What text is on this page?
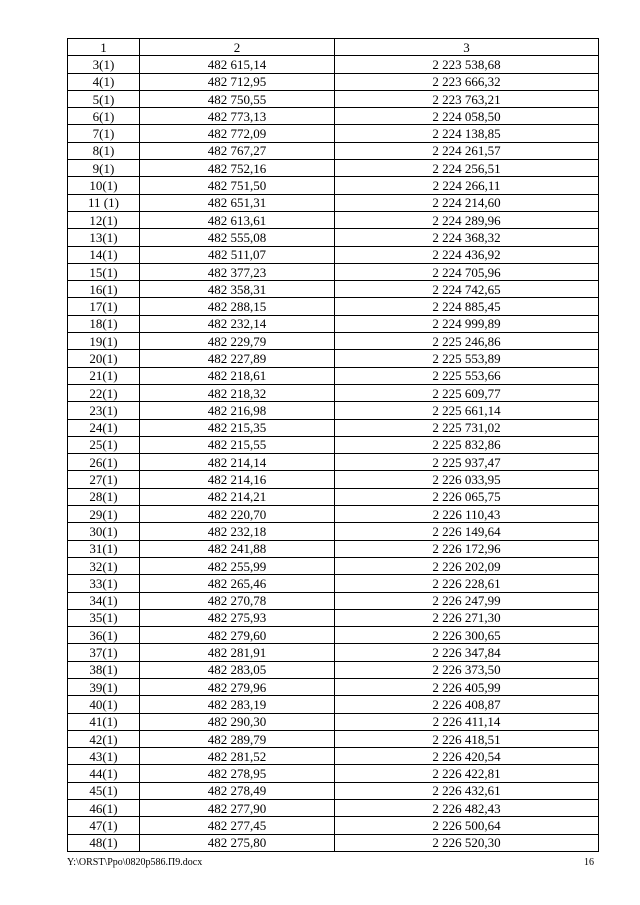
1	2	3
3(1)	482 615,14	2 223 538,68
4(1)	482 712,95	2 223 666,32
5(1)	482 750,55	2 223 763,21
6(1)	482 773,13	2 224 058,50
7(1)	482 772,09	2 224 138,85
8(1)	482 767,27	2 224 261,57
9(1)	482 752,16	2 224 256,51
10(1)	482 751,50	2 224 266,11
11 (1)	482 651,31	2 224 214,60
12(1)	482 613,61	2 224 289,96
13(1)	482 555,08	2 224 368,32
14(1)	482 511,07	2 224 436,92
15(1)	482 377,23	2 224 705,96
16(1)	482 358,31	2 224 742,65
17(1)	482 288,15	2 224 885,45
18(1)	482 232,14	2 224 999,89
19(1)	482 229,79	2 225 246,86
20(1)	482 227,89	2 225 553,89
21(1)	482 218,61	2 225 553,66
22(1)	482 218,32	2 225 609,77
23(1)	482 216,98	2 225 661,14
24(1)	482 215,35	2 225 731,02
25(1)	482 215,55	2 225 832,86
26(1)	482 214,14	2 225 937,47
27(1)	482 214,16	2 226 033,95
28(1)	482 214,21	2 226 065,75
29(1)	482 220,70	2 226 110,43
30(1)	482 232,18	2 226 149,64
31(1)	482 241,88	2 226 172,96
32(1)	482 255,99	2 226 202,09
33(1)	482 265,46	2 226 228,61
34(1)	482 270,78	2 226 247,99
35(1)	482 275,93	2 226 271,30
36(1)	482 279,60	2 226 300,65
37(1)	482 281,91	2 226 347,84
38(1)	482 283,05	2 226 373,50
39(1)	482 279,96	2 226 405,99
40(1)	482 283,19	2 226 408,87
41(1)	482 290,30	2 226 411,14
42(1)	482 289,79	2 226 418,51
43(1)	482 281,52	2 226 420,54
44(1)	482 278,95	2 226 422,81
45(1)	482 278,49	2 226 432,61
46(1)	482 277,90	2 226 482,43
47(1)	482 277,45	2 226 500,64
48(1)	482 275,80	2 226 520,30
Y:\ORST\Ppo\0820p586.П9.docx	16
